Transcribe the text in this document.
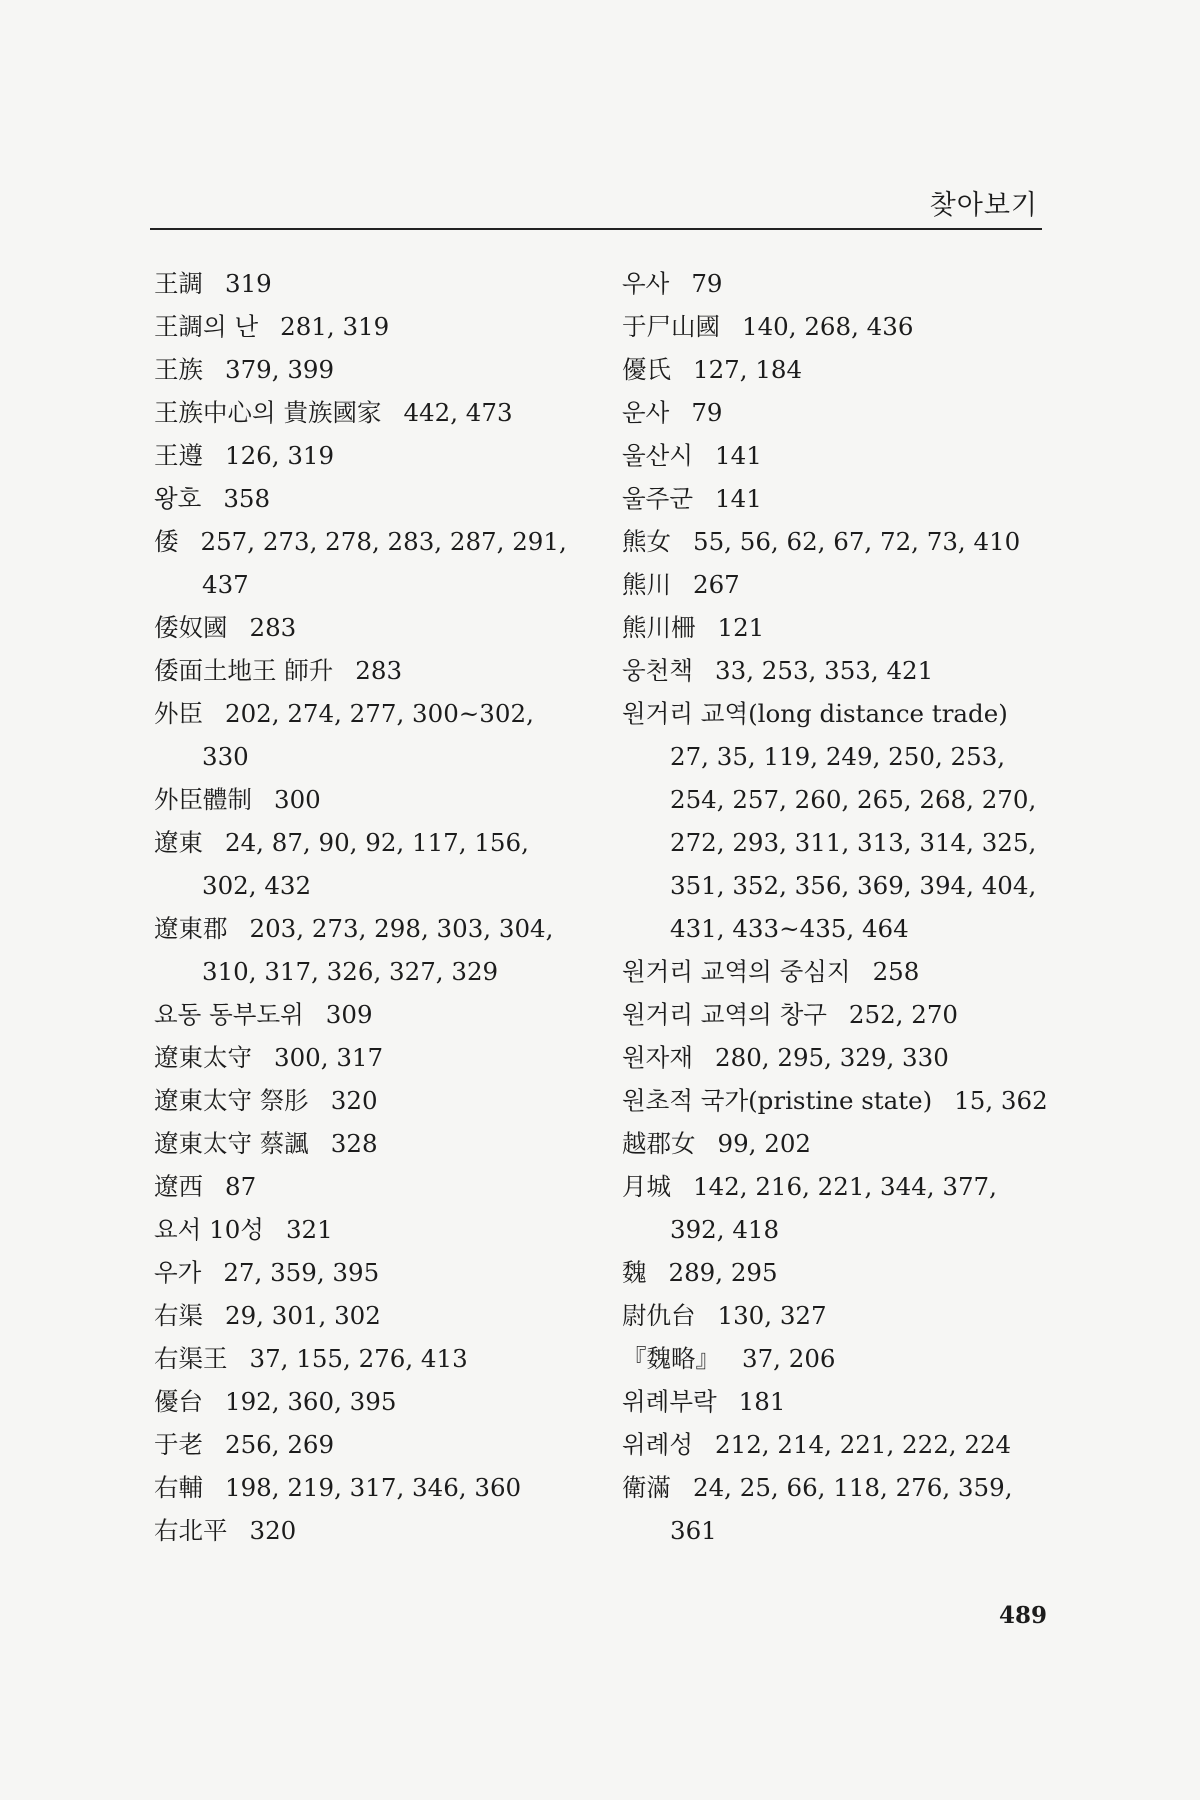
찾아보기
王調 319
王調의 난 281, 319
王族 379, 399
王族中心의 貴族國家 442, 473
王遵 126, 319
왕호 358
倭 257, 273, 278, 283, 287, 291,
437
倭奴國 283
倭面土地王 師升 283
外臣 202, 274, 277, 300~302,
330
外臣體制 300
遼東 24, 87, 90, 92, 117, 156,
302, 432
遼東郡 203, 273, 298, 303, 304,
310, 317, 326, 327, 329
요동 동부도위 309
遼東太守 300, 317
遼東太守 祭肜 320
遼東太守 蔡諷 328
遼西 87
요서 10성 321
우가 27, 359, 395
右渠 29, 301, 302
右渠王 37, 155, 276, 413
優台 192, 360, 395
于老 256, 269
右輔 198, 219, 317, 346, 360
右北平 320
우사 79
于尸山國 140, 268, 436
優氏 127, 184
운사 79
울산시 141
울주군 141
熊女 55, 56, 62, 67, 72, 73, 410
熊川 267
熊川柵 121
웅천책 33, 253, 353, 421
원거리 교역(long distance trade)
27, 35, 119, 249, 250, 253,
254, 257, 260, 265, 268, 270,
272, 293, 311, 313, 314, 325,
351, 352, 356, 369, 394, 404,
431, 433~435, 464
원거리 교역의 중심지 258
원거리 교역의 창구 252, 270
원자재 280, 295, 329, 330
원초적 국가(pristine state) 15, 362
越郡女 99, 202
月城 142, 216, 221, 344, 377,
392, 418
魏 289, 295
尉仇台 130, 327
『魏略』 37, 206
위례부락 181
위례성 212, 214, 221, 222, 224
衛滿 24, 25, 66, 118, 276, 359,
361
489
